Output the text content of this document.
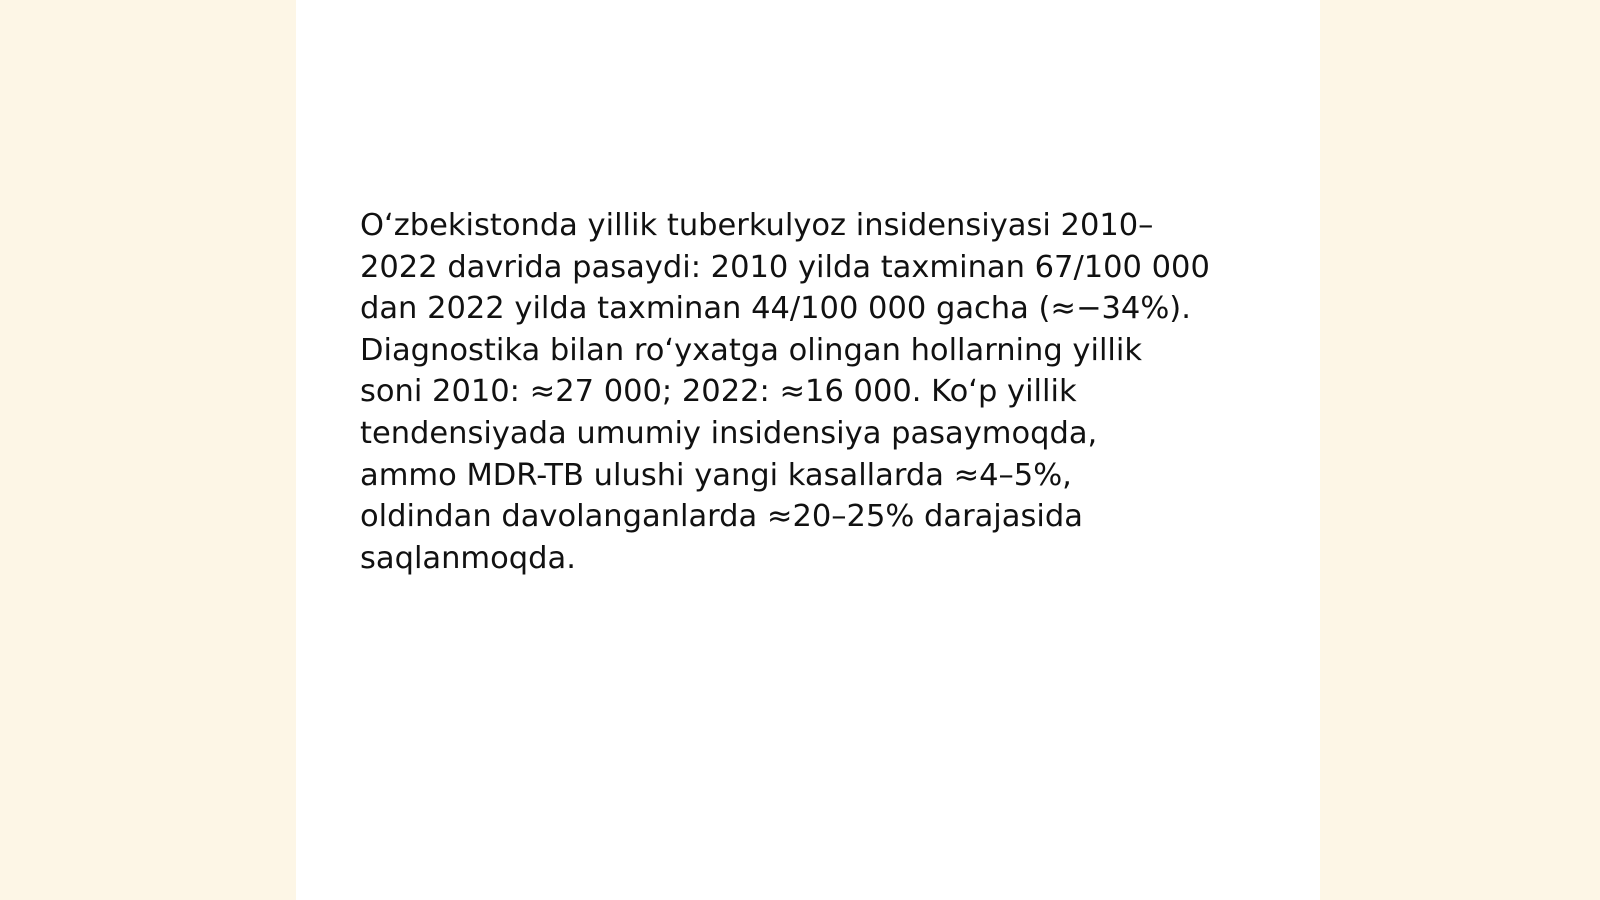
O‘zbekistonda yillik tuberkulyoz insidensiyasi 2010–
2022 davrida pasaydi: 2010 yilda taxminan 67/100 000
dan 2022 yilda taxminan 44/100 000 gacha (≈−34%).
Diagnostika bilan ro‘yxatga olingan hollarning yillik
soni 2010: ≈27 000; 2022: ≈16 000. Ko‘p yillik
tendensiyada umumiy insidensiya pasaymoqda,
ammo MDR-TB ulushi yangi kasallarda ≈4–5%,
oldindan davolanganlarda ≈20–25% darajasida
saqlanmoqda.
